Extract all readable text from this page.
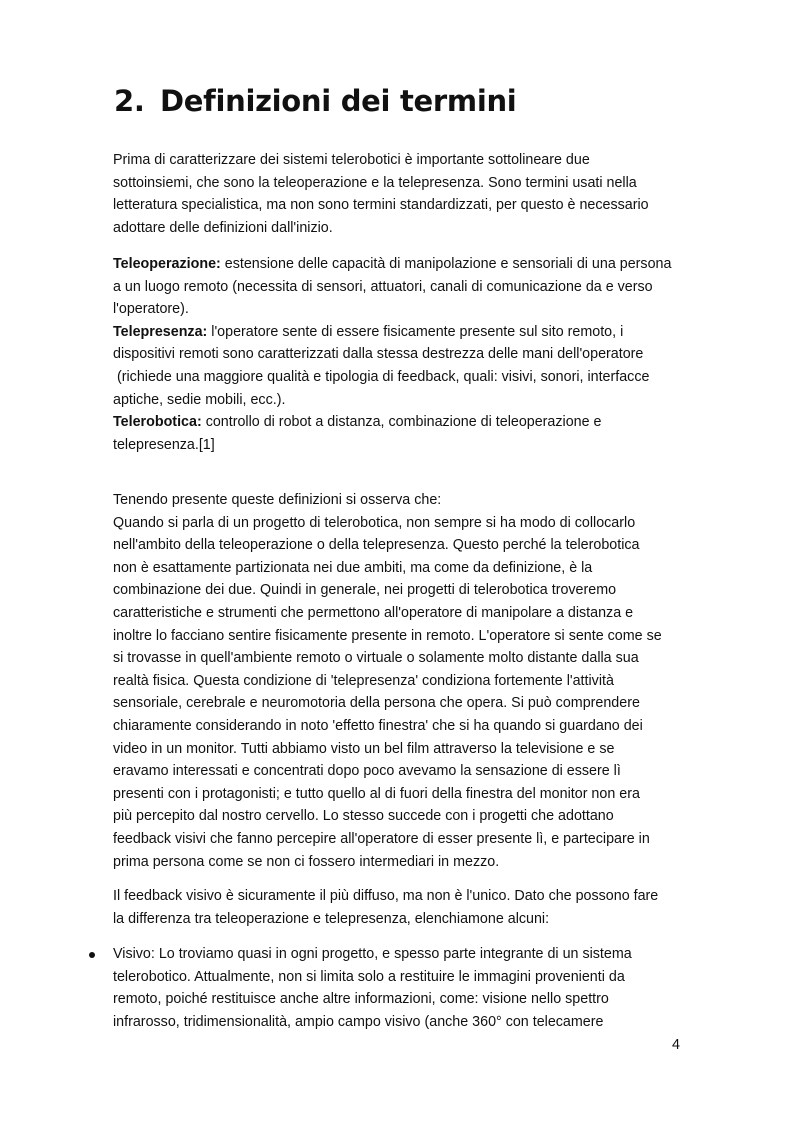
2. Definizioni dei termini
Prima di caratterizzare dei sistemi telerobotici è importante sottolineare due
sottoinsiemi, che sono la teleoperazione e la telepresenza. Sono termini usati nella
letteratura specialistica, ma non sono termini standardizzati, per questo è necessario
adottare delle definizioni dall'inizio.
Teleoperazione: estensione delle capacità di manipolazione e sensoriali di una persona
a un luogo remoto (necessita di sensori, attuatori, canali di comunicazione da e verso
l'operatore).
Telepresenza: l'operatore sente di essere fisicamente presente sul sito remoto, i
dispositivi remoti sono caratterizzati dalla stessa destrezza delle mani dell'operatore
(richiede una maggiore qualità e tipologia di feedback, quali: visivi, sonori, interfacce
aptiche, sedie mobili, ecc.).
Telerobotica: controllo di robot a distanza, combinazione di teleoperazione e
telepresenza.[1]
Tenendo presente queste definizioni si osserva che:
Quando si parla di un progetto di telerobotica, non sempre si ha modo di collocarlo
nell'ambito della teleoperazione o della telepresenza. Questo perché la telerobotica
non è esattamente partizionata nei due ambiti, ma come da definizione, è la
combinazione dei due. Quindi in generale, nei progetti di telerobotica troveremo
caratteristiche e strumenti che permettono all'operatore di manipolare a distanza e
inoltre lo facciano sentire fisicamente presente in remoto. L'operatore si sente come se
si trovasse in quell'ambiente remoto o virtuale o solamente molto distante dalla sua
realtà fisica. Questa condizione di 'telepresenza' condiziona fortemente l'attività
sensoriale, cerebrale e neuromotoria della persona che opera. Si può comprendere
chiaramente considerando in noto 'effetto finestra' che si ha quando si guardano dei
video in un monitor. Tutti abbiamo visto un bel film attraverso la televisione e se
eravamo interessati e concentrati dopo poco avevamo la sensazione di essere lì
presenti con i protagonisti; e tutto quello al di fuori della finestra del monitor non era
più percepito dal nostro cervello. Lo stesso succede con i progetti che adottano
feedback visivi che fanno percepire all'operatore di esser presente lì, e partecipare in
prima persona come se non ci fossero intermediari in mezzo.
Il feedback visivo è sicuramente il più diffuso, ma non è l'unico. Dato che possono fare
la differenza tra teleoperazione e telepresenza, elenchiamone alcuni:
Visivo: Lo troviamo quasi in ogni progetto, e spesso parte integrante di un sistema
telerobotico. Attualmente, non si limita solo a restituire le immagini provenienti da
remoto, poiché restituisce anche altre informazioni, come: visione nello spettro
infrarosso, tridimensionalità, ampio campo visivo (anche 360° con telecamere
4
